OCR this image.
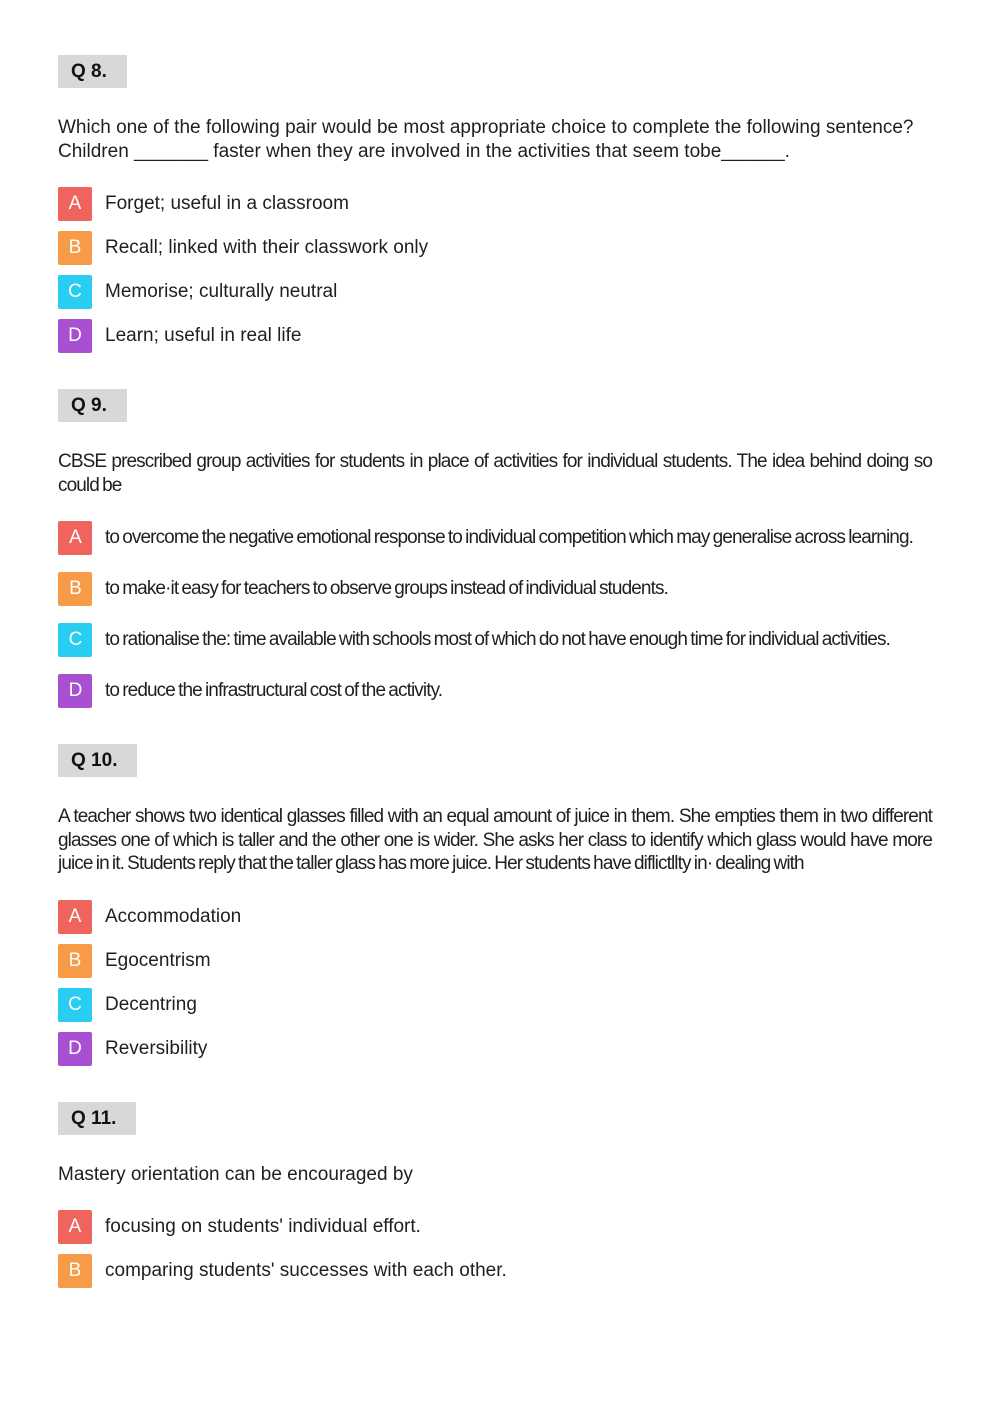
Q 8.

Which one of the following pair would be most appropriate choice to complete the following sentence? Children _______ faster when they are involved in the activities that seem tobe______.

A Forget; useful in a classroom
B Recall; linked with their classwork only
C Memorise; culturally neutral
D Learn; useful in real life
Q 9.

CBSE prescribed group activities for students in place of activities for individual students. The idea behind doing so could be

A to overcome the negative emotional response to individual competition which may generalise across learning.
B to make·it easy for teachers to observe groups instead of individual students.
C to rationalise the: time available with schools most of which do not have enough time for individual activities.
D to reduce the infrastructural cost of the activity.
Q 10.

A teacher shows two identical glasses filled with an equal amount of juice in them. She empties them in two different glasses one of which is taller and the other one is wider. She asks her class to identify which glass would have more juice in it. Students reply that the taller glass has more juice. Her students have diflictllty in· dealing with

A Accommodation
B Egocentrism
C Decentring
D Reversibility
Q 11.

Mastery orientation can be encouraged by

A focusing on students' individual effort.
B comparing students' successes with each other.
